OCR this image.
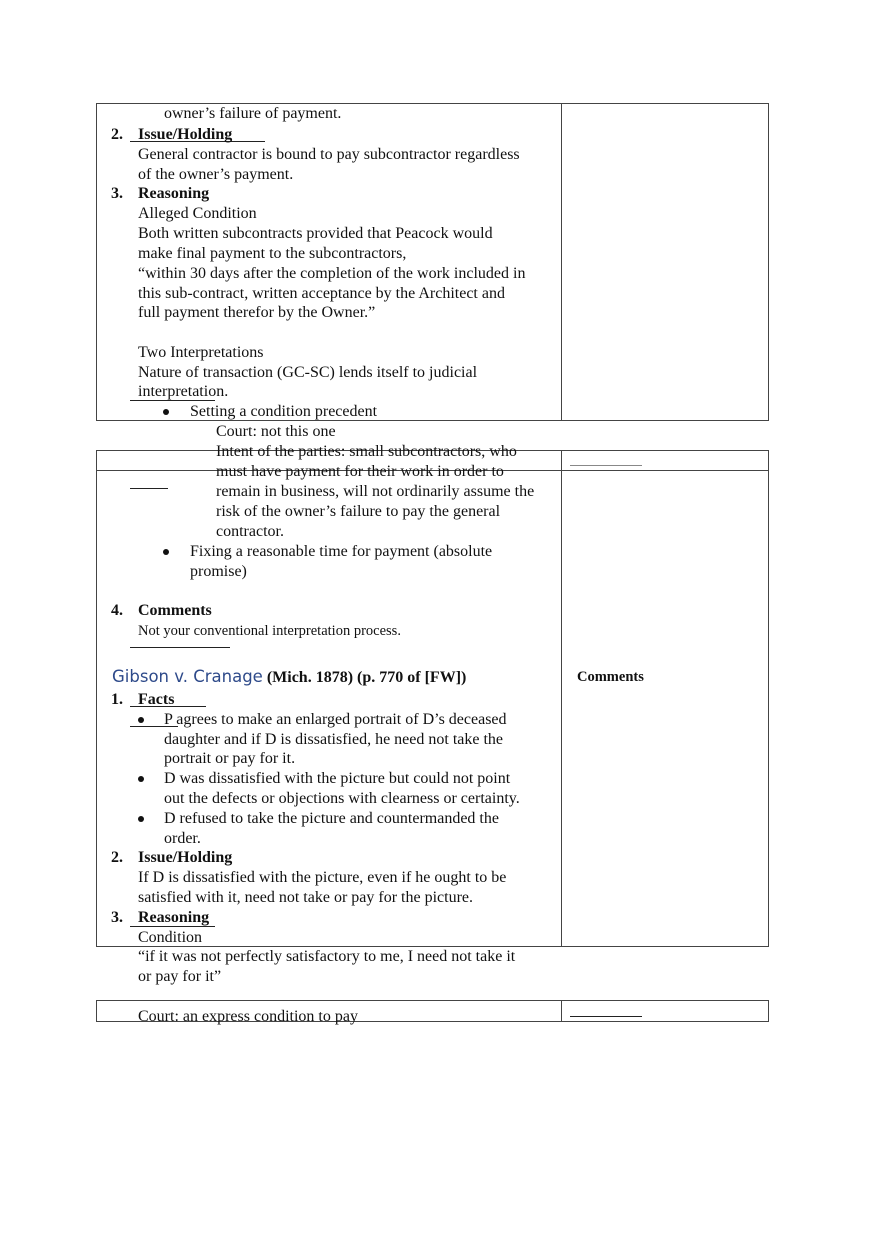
owner’s failure of payment.
2. Issue/Holding
General contractor is bound to pay subcontractor regardless
of the owner’s payment.
3. Reasoning
Alleged Condition
Both written subcontracts provided that Peacock would
make final payment to the subcontractors,
“within 30 days after the completion of the work included in
this sub-contract, written acceptance by the Architect and
full payment therefor by the Owner.”
Two Interpretations
Nature of transaction (GC-SC) lends itself to judicial
interpretation.
Setting a condition precedent
Court: not this one
Intent of the parties: small subcontractors, who
must have payment for their work in order to
remain in business, will not ordinarily assume the
risk of the owner’s failure to pay the general
contractor.
Fixing a reasonable time for payment (absolute
promise)
4. Comments
Not your conventional interpretation process.
Gibson v. Cranage (Mich. 1878) (p. 770 of [FW])	Comments
1. Facts
P agrees to make an enlarged portrait of D’s deceased
daughter and if D is dissatisfied, he need not take the
portrait or pay for it.
D was dissatisfied with the picture but could not point
out the defects or objections with clearness or certainty.
D refused to take the picture and countermanded the
order.
2. Issue/Holding
If D is dissatisfied with the picture, even if he ought to be
satisfied with it, need not take or pay for the picture.
3. Reasoning
Condition
“if it was not perfectly satisfactory to me, I need not take it
or pay for it”
Court: an express condition to pay
